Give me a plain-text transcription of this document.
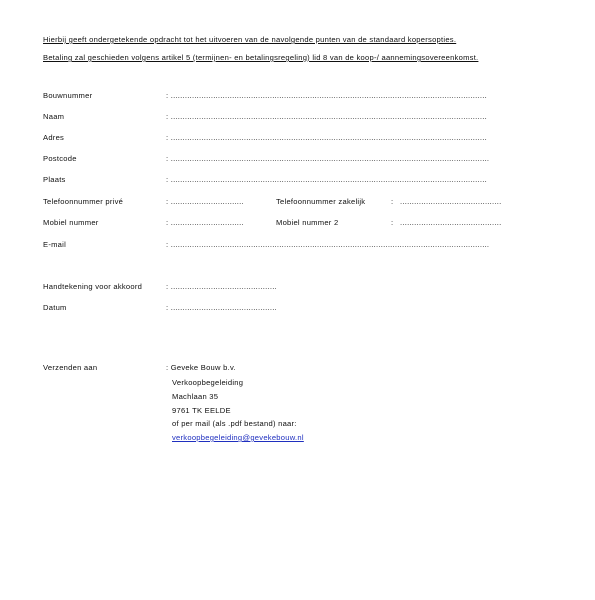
Hierbij geeft ondergetekende opdracht tot het uitvoeren van de navolgende punten van de standaard kopersopties.
Betaling zal geschieden volgens artikel 5 (termijnen- en betalingsregeling) lid 8 van de koop-/ aannemingsovereenkomst.
Bouwnummer	: ......................................................................................................................................
Naam	: ......................................................................................................................................
Adres	: ......................................................................................................................................
Postcode	: .......................................................................................................................................
Plaats	: ......................................................................................................................................
Telefoonnummer privé	: ...............................	Telefoonnummer zakelijk	: ...........................................
Mobiel nummer	: ...............................	Mobiel nummer 2	: ...........................................
E-mail	: .......................................................................................................................................
Handtekening voor akkoord	: .............................................
Datum	: .............................................
Verzenden aan	: Geveke Bouw b.v.
Verkoopbegeleiding
Machlaan 35
9761 TK EELDE
of per mail (als .pdf bestand) naar:
verkoopbegeleiding@gevekebouw.nl
